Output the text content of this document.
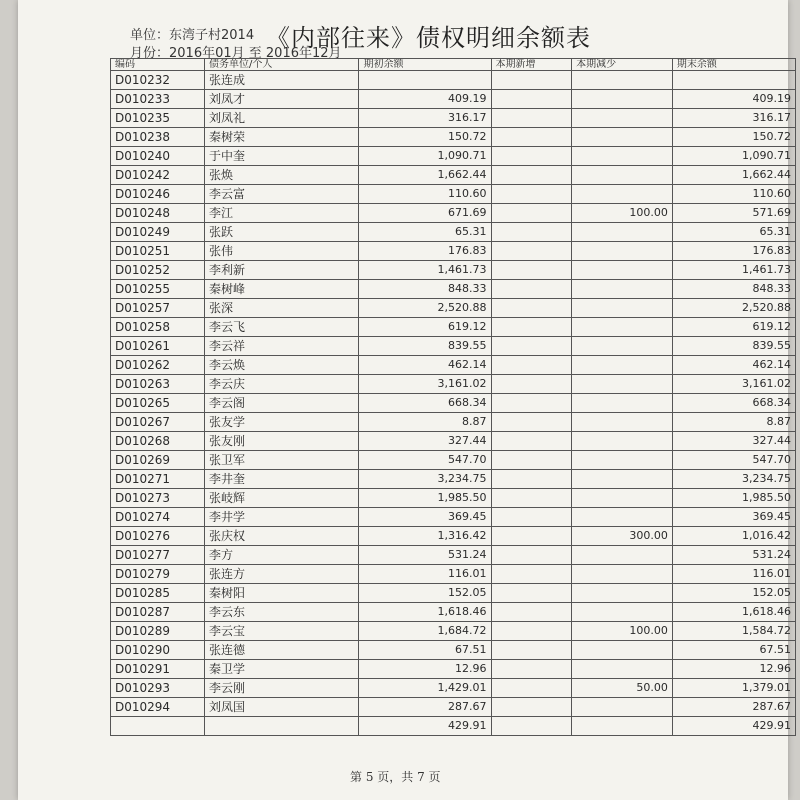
《内部往来》债权明细余额表
单位：东湾子村2014
月份：2016年01月 至 2016年12月
编码	债务单位/个人	期初余额	本期新增	本期减少	期末余额
D010232	张连成				
D010233	刘凤才	409.19			409.19
D010235	刘凤礼	316.17			316.17
D010238	秦树荣	150.72			150.72
D010240	于中奎	1,090.71			1,090.71
D010242	张焕	1,662.44			1,662.44
D010246	李云富	110.60			110.60
D010248	李江	671.69		100.00	571.69
D010249	张跃	65.31			65.31
D010251	张伟	176.83			176.83
D010252	李利新	1,461.73			1,461.73
D010255	秦树峰	848.33			848.33
D010257	张深	2,520.88			2,520.88
D010258	李云飞	619.12			619.12
D010261	李云祥	839.55			839.55
D010262	李云焕	462.14			462.14
D010263	李云庆	3,161.02			3,161.02
D010265	李云阁	668.34			668.34
D010267	张友学	8.87			8.87
D010268	张友刚	327.44			327.44
D010269	张卫军	547.70			547.70
D010271	李井奎	3,234.75			3,234.75
D010273	张岐辉	1,985.50			1,985.50
D010274	李井学	369.45			369.45
D010276	张庆权	1,316.42		300.00	1,016.42
D010277	李方	531.24			531.24
D010279	张连方	116.01			116.01
D010285	秦树阳	152.05			152.05
D010287	李云东	1,618.46			1,618.46
D010289	李云宝	1,684.72		100.00	1,584.72
D010290	张连德	67.51			67.51
D010291	秦卫学	12.96			12.96
D010293	李云刚	1,429.01		50.00	1,379.01
D010294	刘凤国	287.67			287.67
		429.91			429.91
第 5 页，共 7 页
